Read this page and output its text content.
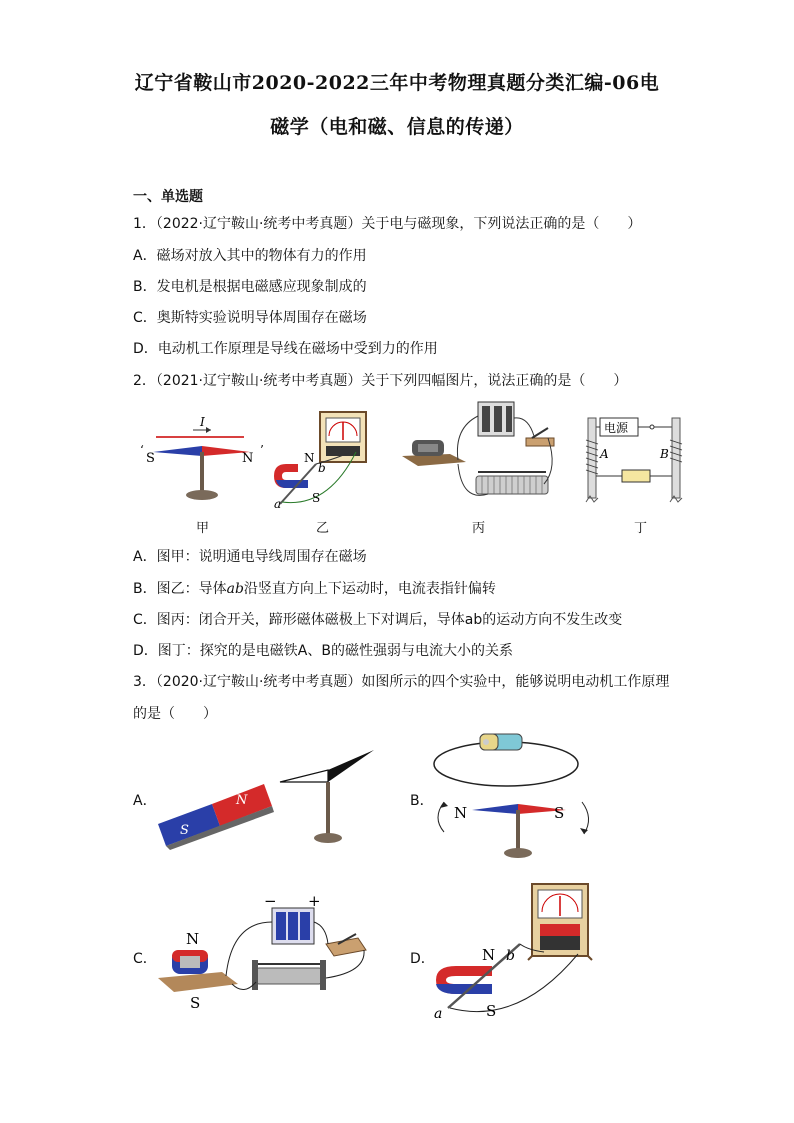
辽宁省鞍山市2020-2022三年中考物理真题分类汇编-06电
磁学（电和磁、信息的传递）
一、单选题
1．（2022·辽宁鞍山·统考中考真题）关于电与磁现象，下列说法正确的是（　　）
A．磁场对放入其中的物体有力的作用
B．发电机是根据电磁感应现象制成的
C．奥斯特实验说明导体周围存在磁场
D．电动机工作原理是导线在磁场中受到力的作用
2．（2021·辽宁鞍山·统考中考真题）关于下列四幅图片，说法正确的是（　　）
I
S	N
‘	’
N
S
a
b
电源
A	B
甲	乙	丙	丁
A．图甲：说明通电导线周围存在磁场
B．图乙：导体ab沿竖直方向上下运动时，电流表指针偏转
C．图丙：闭合开关，蹄形磁体磁极上下对调后，导体ab的运动方向不发生改变
D．图丁：探究的是电磁铁A、B的磁性强弱与电流大小的关系
3．（2020·辽宁鞍山·统考中考真题）如图所示的四个实验中，能够说明电动机工作原理
的是（　　）
A．
S
N	B．
N	S
C．
− +
N
S
D．	N
S
a
b
